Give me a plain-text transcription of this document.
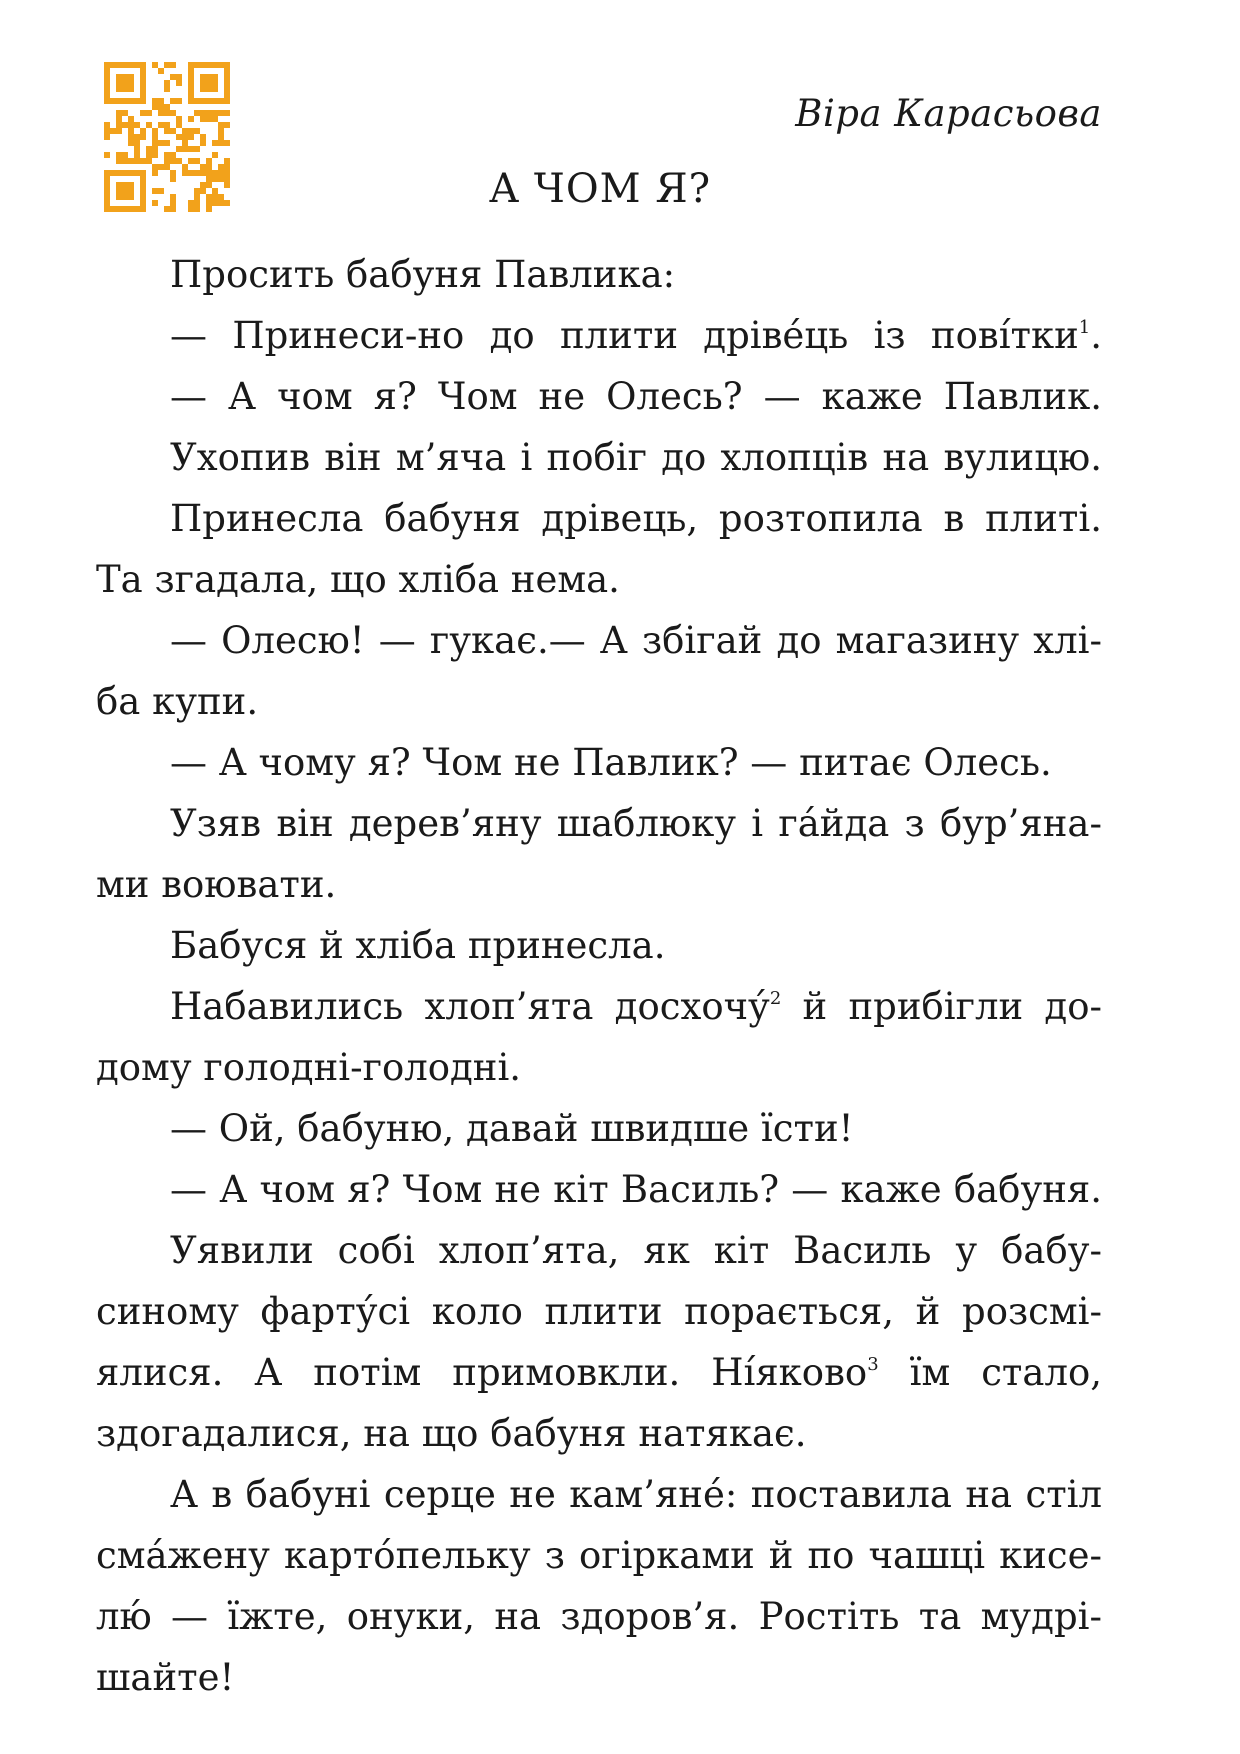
Віра Карасьова
А ЧОМ Я?
Просить бабуня Павлика:
— Принеси-но до плити дріве́ць із пові́тки$^1$.
— А чом я? Чом не Олесь? — каже Павлик.
Ухопив він м’яча і побіг до хлопців на вулицю.
Принесла бабуня дрівець, розтопила в плиті.
Та згадала, що хліба нема.
— Олесю! — гукає.— А збігай до магазину хлі-
ба купи.
— А чому я? Чом не Павлик? — питає Олесь.
Узяв він дерев’яну шаблюку і га́йда з бур’яна-
ми воювати.
Бабуся й хліба принесла.
Набавились хлоп’ята досхочу́$^2$ й прибігли до-
дому голодні-голодні.
— Ой, бабуню, давай швидше їсти!
— А чом я? Чом не кіт Василь? — каже бабуня.
Уявили собі хлоп’ята, як кіт Василь у бабу-
синому фарту́сі коло плити порається, й розсмі-
ялися. А потім примовкли. Ні́яково$^3$ їм стало,
здогадалися, на що бабуня натякає.
А в бабуні серце не кам’яне́: поставила на стіл
сма́жену карто́пельку з огірками й по чашці кисе-
лю́ — їжте, онуки, на здоров’я. Ростіть та мудрі-
шайте!
